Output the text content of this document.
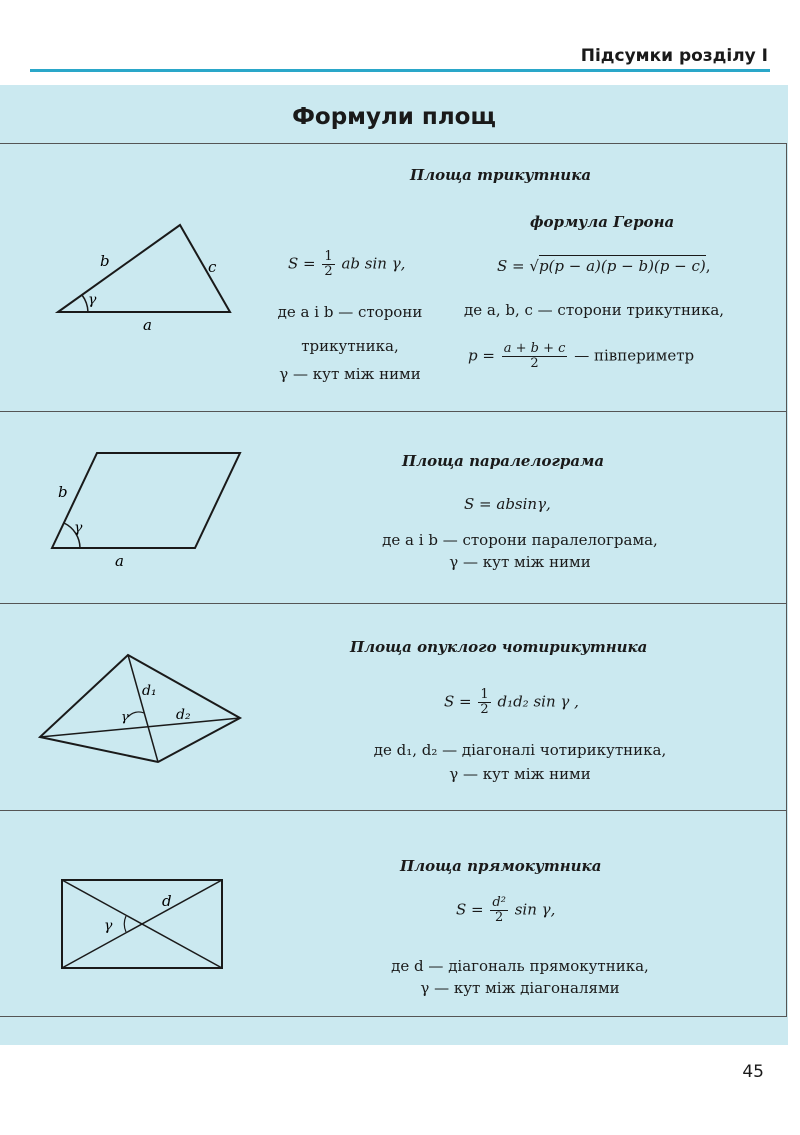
Підсумки розділу І
Формули площ
b	c
a
γ
Площа трикутника
$S = \frac{1}{2}$ ab sin γ,
де a і b — сторони
трикутника,
γ — кут між ними
формула Герона
S = √p(p − a)(p − b)(p − c),
де a, b, c — сторони трикутника,
$p = \frac{a + b + c}{2}$ — півпериметр
b
a
γ
Площа паралелограма
S = absinγ,
де a і b — сторони паралелограма,
γ — кут між ними
d₁
d₂
γ
Площа опуклого чотирикутника
$S = \frac{1}{2} d_1d_2$ sin γ ,
де d₁, d₂ — діагоналі чотирикутника,
γ — кут між ними
d
γ
Площа прямокутника
$S = \frac{\text{d²}}{2}$ sin γ,
де d — діагональ прямокутника,
γ — кут між діагоналями
45
